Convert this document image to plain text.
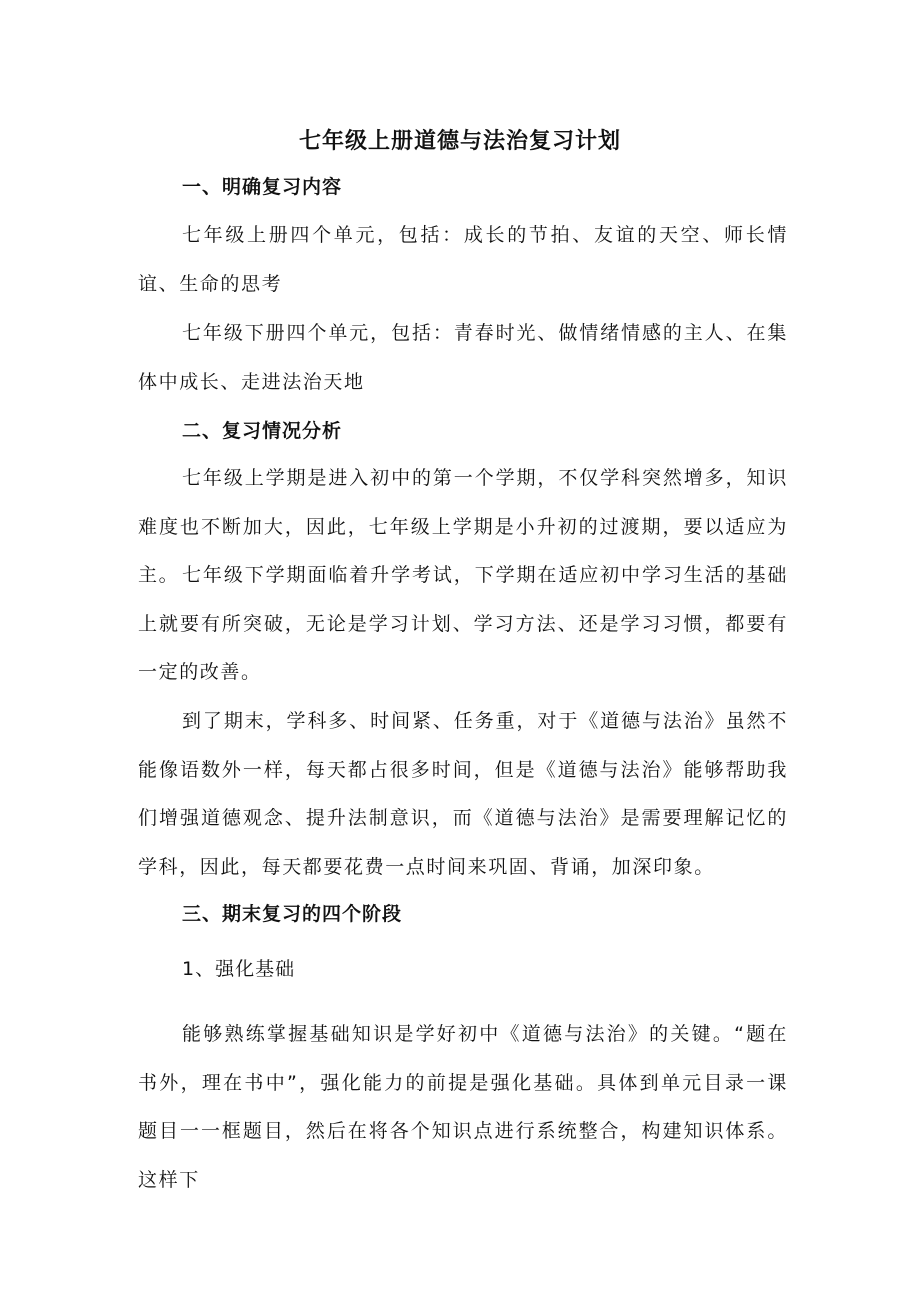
七年级上册道德与法治复习计划
一、明确复习内容

七年级上册四个单元，包括：成长的节拍、友谊的天空、师长情谊、生命的思考

七年级下册四个单元，包括：青春时光、做情绪情感的主人、在集体中成长、走进法治天地

二、复习情况分析

七年级上学期是进入初中的第一个学期，不仅学科突然增多，知识难度也不断加大，因此，七年级上学期是小升初的过渡期，要以适应为主。 七年级下学期面临着升学考试，下学期在适应初中学习生活的基础上就要有所突破，无论是学习计划、学习方法、还是学习习惯，都要有一定的改善。

到了期末，学科多、时间紧、任务重，对于《道德与法治》虽然不能像语数外一样，每天都占很多时间，但是《道德与法治》能够帮助我们增强道德观念、提升法制意识，而《道德与法治》是需要理解记忆的学科，因此，每天都要花费一点时间来巩固、背诵，加深印象。

三、期末复习的四个阶段
1、强化基础

能够熟练掌握基础知识是学好初中《道德与法治》的关键。“题在书外，理在书中”，强化能力的前提是强化基础。具体到单元目录一课题目一一框题目，然后在将各个知识点进行系统整合，构建知识体系。这样下
